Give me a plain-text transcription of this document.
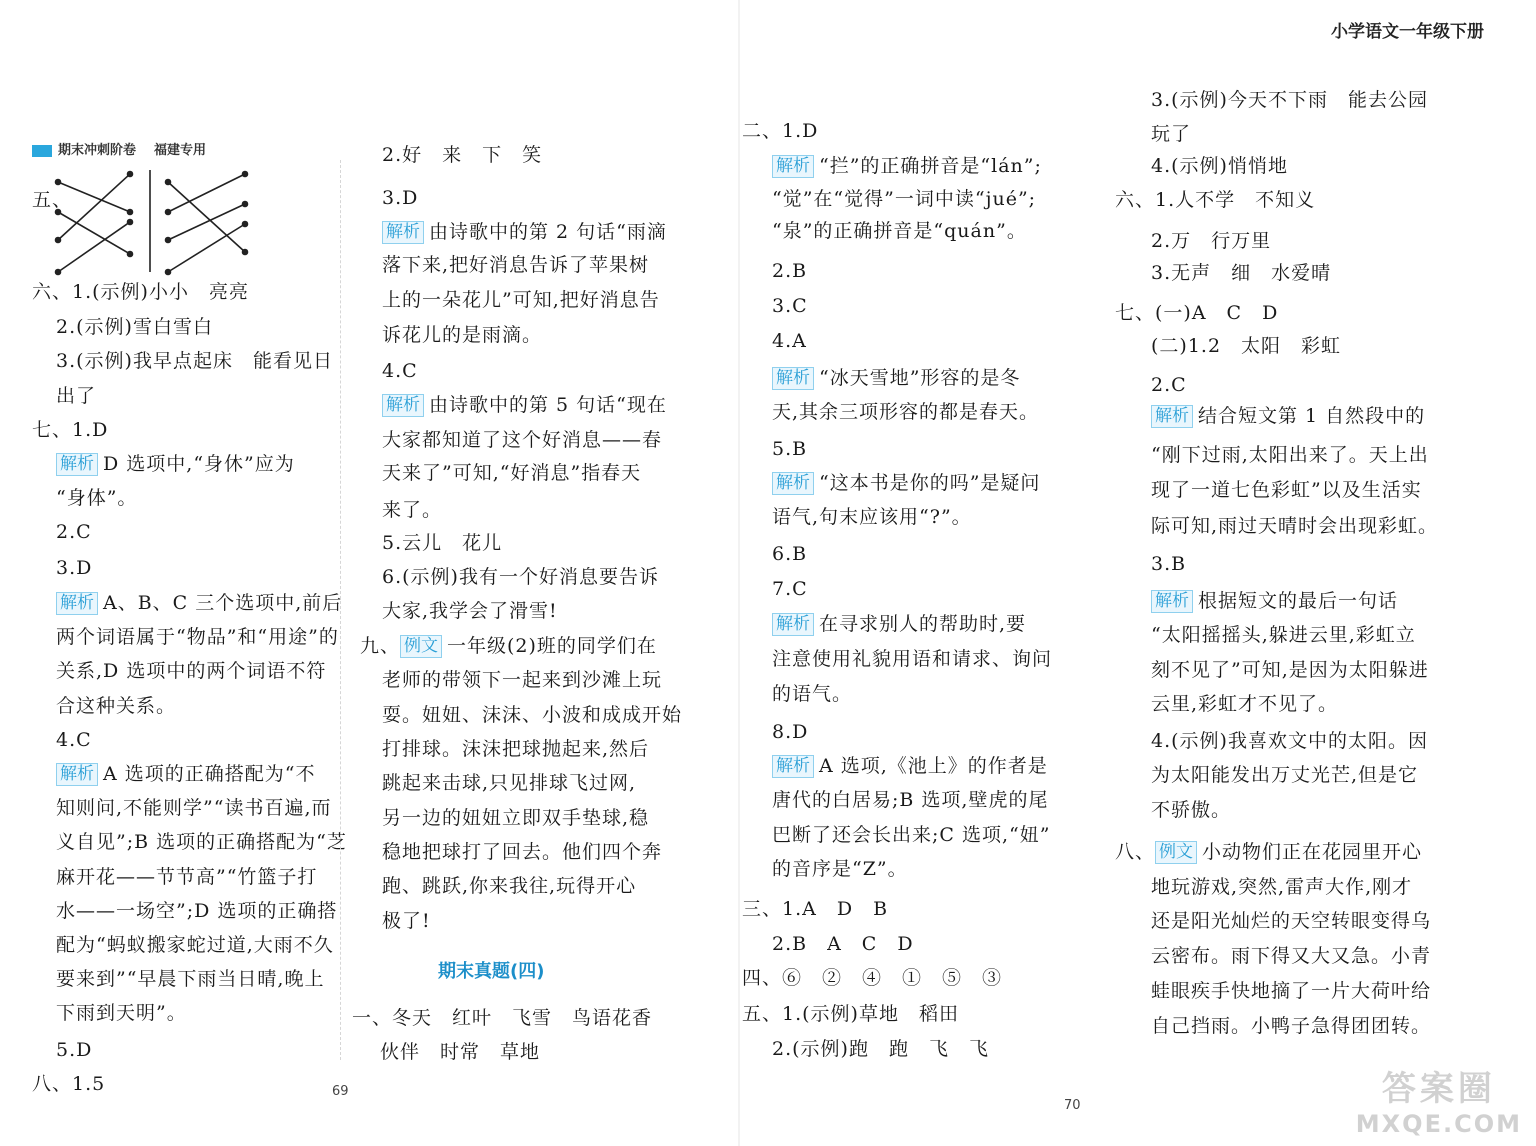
期末冲刺阶卷 福建专用
五、
六、1.(示例)小小　亮亮
2.(示例)雪白雪白
3.(示例)我早点起床　能看见日
出了
七、1.D
解析 D 选项中,“身休”应为
“身体”。
2.C
3.D
解析 A、B、C 三个选项中,前后
两个词语属于“物品”和“用途”的
关系,D 选项中的两个词语不符
合这种关系。
4.C
解析 A 选项的正确搭配为“不
知则问,不能则学”“读书百遍,而
义自见”;B 选项的正确搭配为“芝
麻开花——节节高”“竹篮子打
水——一场空”;D 选项的正确搭
配为“蚂蚁搬家蛇过道,大雨不久
要来到”“早晨下雨当日晴,晚上
下雨到天明”。
5.D
八、1.5
2.好　来　下　笑
3.D
解析 由诗歌中的第 2 句话“雨滴
落下来,把好消息告诉了苹果树
上的一朵花儿”可知,把好消息告
诉花儿的是雨滴。
4.C
解析 由诗歌中的第 5 句话“现在
大家都知道了这个好消息——春
天来了”可知,“好消息”指春天
来了。
5.云儿　花儿
6.(示例)我有一个好消息要告诉
大家,我学会了滑雪!
九、 例文 一年级(2)班的同学们在
老师的带领下一起来到沙滩上玩
耍。妞妞、沫沫、小波和成成开始
打排球。沫沫把球抛起来,然后
跳起来击球,只见排球飞过网,
另一边的妞妞立即双手垫球,稳
稳地把球打了回去。他们四个奔
跑、跳跃,你来我往,玩得开心
极了!
期末真题(四)
一、冬天　红叶　飞雪　鸟语花香
伙伴　时常　草地
69
小学语文一年级下册
二、1.D
解析 “拦”的正确拼音是“lán”;
“觉”在“觉得”一词中读“jué”;
“泉”的正确拼音是“quán”。
2.B
3.C
4.A
解析 “冰天雪地”形容的是冬
天,其余三项形容的都是春天。
5.B
解析 “这本书是你的吗”是疑问
语气,句末应该用“?”。
6.B
7.C
解析 在寻求别人的帮助时,要
注意使用礼貌用语和请求、询问
的语气。
8.D
解析 A 选项,《池上》的作者是
唐代的白居易;B 选项,壁虎的尾
巴断了还会长出来;C 选项,“妞”
的音序是“Z”。
三、1.A　D　B
2.B　A　C　D
四、⑥　②　④　①　⑤　③
五、1.(示例)草地　稻田
2.(示例)跑　跑　飞　飞
3.(示例)今天不下雨　能去公园
玩了
4.(示例)悄悄地
六、1.人不学　不知义
2.万　行万里
3.无声　细　水爱晴
七、(一)A　C　D
(二)1.2　太阳　彩虹
2.C
解析 结合短文第 1 自然段中的
“刚下过雨,太阳出来了。天上出
现了一道七色彩虹”以及生活实
际可知,雨过天晴时会出现彩虹。
3.B
解析 根据短文的最后一句话
“太阳摇摇头,躲进云里,彩虹立
刻不见了”可知,是因为太阳躲进
云里,彩虹才不见了。
4.(示例)我喜欢文中的太阳。因
为太阳能发出万丈光芒,但是它
不骄傲。
八、 例文 小动物们正在花园里开心
地玩游戏,突然,雷声大作,刚才
还是阳光灿烂的天空转眼变得乌
云密布。雨下得又大又急。小青
蛙眼疾手快地摘了一片大荷叶给
自己挡雨。小鸭子急得团团转。
70	答案圈
MXQE.COM
